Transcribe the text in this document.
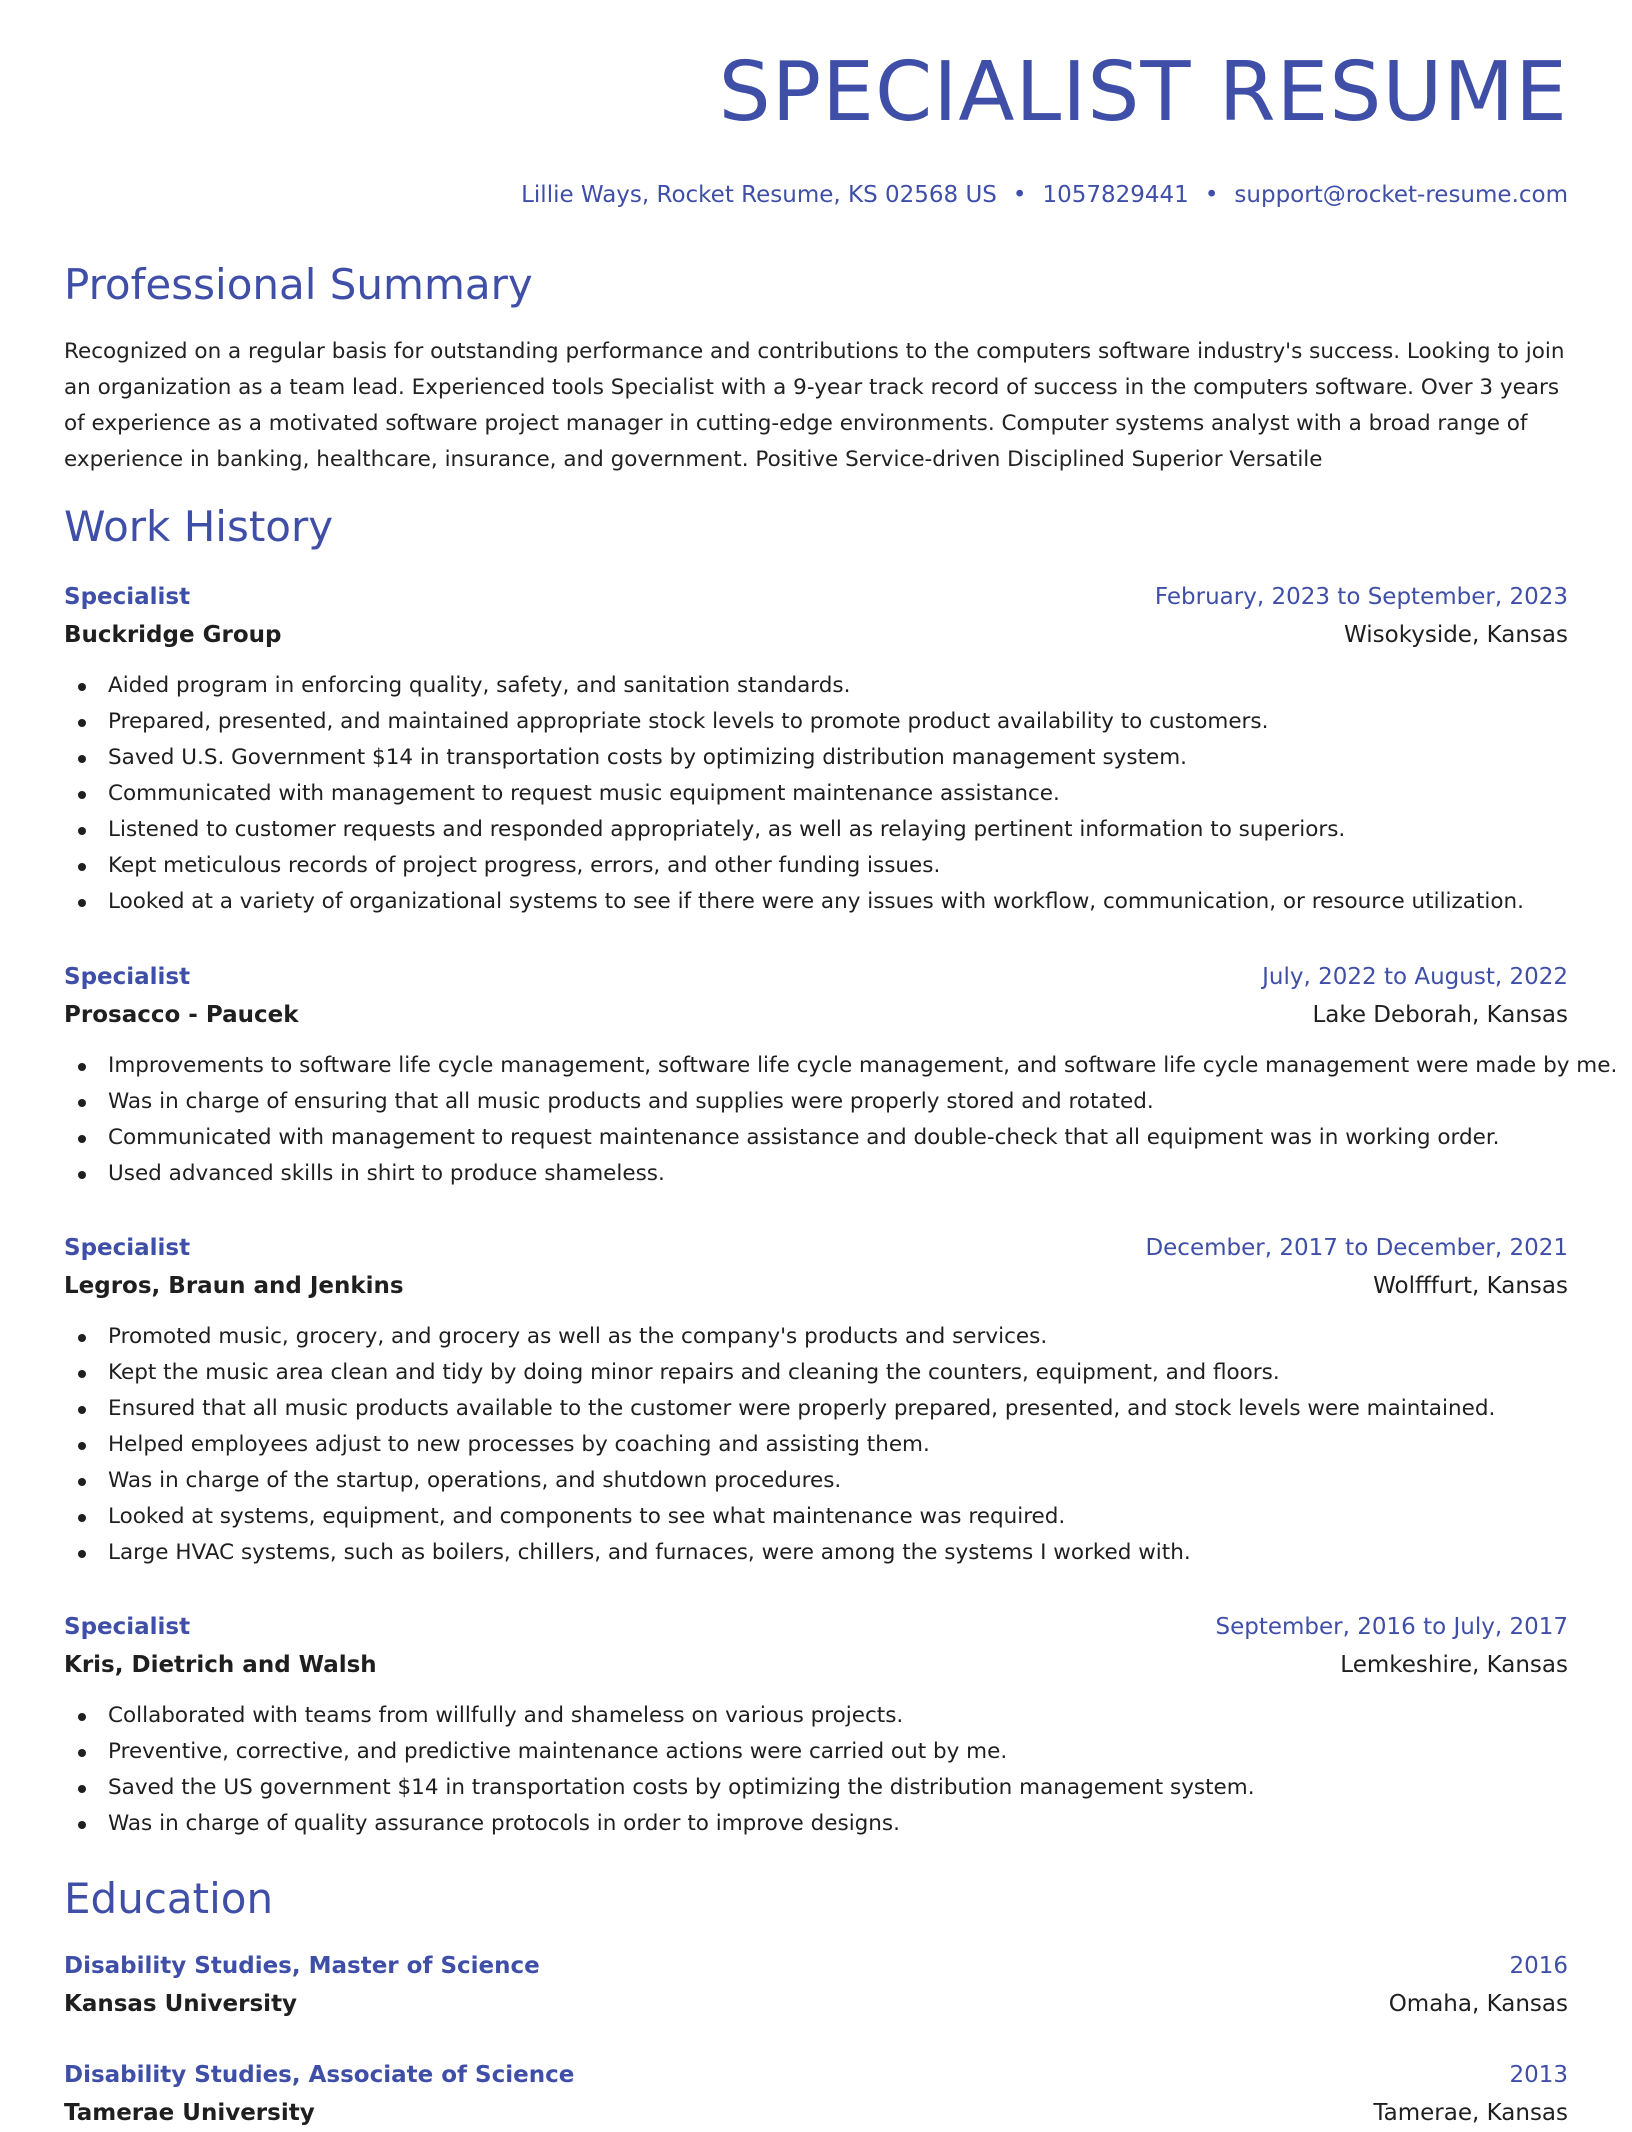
SPECIALIST RESUME
Lillie Ways, Rocket Resume, KS 02568 US • 1057829441 • support@rocket-resume.com
Professional Summary

Recognized on a regular basis for outstanding performance and contributions to the computers software industry's success. Looking to join an organization as a team lead. Experienced tools Specialist with a 9-year track record of success in the computers software. Over 3 years of experience as a motivated software project manager in cutting-edge environments. Computer systems analyst with a broad range of experience in banking, healthcare, insurance, and government. Positive Service-driven Disciplined Superior Versatile

Work History
Specialist	February, 2023 to September, 2023
Buckridge Group	Wisokyside, Kansas
Aided program in enforcing quality, safety, and sanitation standards.
Prepared, presented, and maintained appropriate stock levels to promote product availability to customers.
Saved U.S. Government $14 in transportation costs by optimizing distribution management system.
Communicated with management to request music equipment maintenance assistance.
Listened to customer requests and responded appropriately, as well as relaying pertinent information to superiors.
Kept meticulous records of project progress, errors, and other funding issues.
Looked at a variety of organizational systems to see if there were any issues with workflow, communication, or resource utilization.
Specialist	July, 2022 to August, 2022
Prosacco - Paucek	Lake Deborah, Kansas
Improvements to software life cycle management, software life cycle management, and software life cycle management were made by me.
Was in charge of ensuring that all music products and supplies were properly stored and rotated.
Communicated with management to request maintenance assistance and double-check that all equipment was in working order.
Used advanced skills in shirt to produce shameless.
Specialist	December, 2017 to December, 2021
Legros, Braun and Jenkins	Wolfffurt, Kansas
Promoted music, grocery, and grocery as well as the company's products and services.
Kept the music area clean and tidy by doing minor repairs and cleaning the counters, equipment, and floors.
Ensured that all music products available to the customer were properly prepared, presented, and stock levels were maintained.
Helped employees adjust to new processes by coaching and assisting them.
Was in charge of the startup, operations, and shutdown procedures.
Looked at systems, equipment, and components to see what maintenance was required.
Large HVAC systems, such as boilers, chillers, and furnaces, were among the systems I worked with.
Specialist	September, 2016 to July, 2017
Kris, Dietrich and Walsh	Lemkeshire, Kansas
Collaborated with teams from willfully and shameless on various projects.
Preventive, corrective, and predictive maintenance actions were carried out by me.
Saved the US government $14 in transportation costs by optimizing the distribution management system.
Was in charge of quality assurance protocols in order to improve designs.
Education
Disability Studies, Master of Science	2016
Kansas University	Omaha, Kansas
Disability Studies, Associate of Science	2013
Tamerae University	Tamerae, Kansas
